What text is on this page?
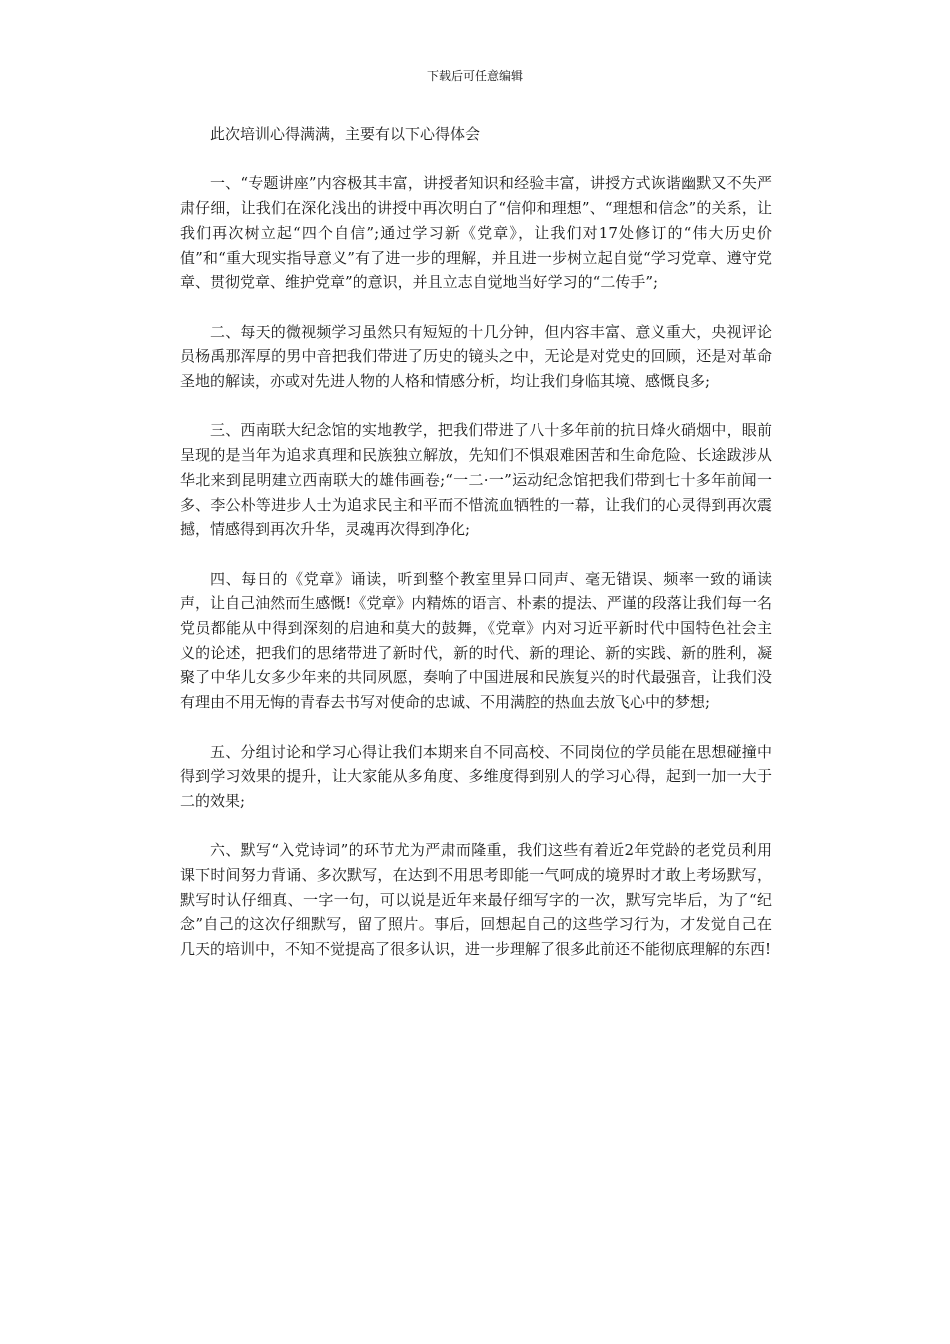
下载后可任意编辑

此次培训心得满满，主要有以下心得体会

一、“专题讲座”内容极其丰富，讲授者知识和经验丰富，讲授方式诙谐幽默又不失严肃仔细，让我们在深化浅出的讲授中再次明白了“信仰和理想”、“理想和信念”的关系，让我们再次树立起“四个自信”;通过学习新《党章》，让我们对17处修订的“伟大历史价值”和“重大现实指导意义”有了进一步的理解，并且进一步树立起自觉“学习党章、遵守党章、贯彻党章、维护党章”的意识，并且立志自觉地当好学习的“二传手”;

二、每天的微视频学习虽然只有短短的十几分钟，但内容丰富、意义重大，央视评论员杨禹那浑厚的男中音把我们带进了历史的镜头之中，无论是对党史的回顾，还是对革命圣地的解读，亦或对先进人物的人格和情感分析，均让我们身临其境、感慨良多;

三、西南联大纪念馆的实地教学，把我们带进了八十多年前的抗日烽火硝烟中，眼前呈现的是当年为追求真理和民族独立解放，先知们不惧艰难困苦和生命危险、长途跋涉从华北来到昆明建立西南联大的雄伟画卷;“一二·一”运动纪念馆把我们带到七十多年前闻一多、李公朴等进步人士为追求民主和平而不惜流血牺牲的一幕，让我们的心灵得到再次震撼，情感得到再次升华，灵魂再次得到净化;

四、每日的《党章》诵读，听到整个教室里异口同声、毫无错误、频率一致的诵读声，让自己油然而生感慨!《党章》内精炼的语言、朴素的提法、严谨的段落让我们每一名党员都能从中得到深刻的启迪和莫大的鼓舞，《党章》内对习近平新时代中国特色社会主义的论述，把我们的思绪带进了新时代，新的时代、新的理论、新的实践、新的胜利，凝聚了中华儿女多少年来的共同夙愿，奏响了中国进展和民族复兴的时代最强音，让我们没有理由不用无悔的青春去书写对使命的忠诚、不用满腔的热血去放飞心中的梦想;

五、分组讨论和学习心得让我们本期来自不同高校、不同岗位的学员能在思想碰撞中得到学习效果的提升，让大家能从多角度、多维度得到别人的学习心得，起到一加一大于二的效果;

六、默写“入党诗词”的环节尤为严肃而隆重，我们这些有着近2年党龄的老党员利用课下时间努力背诵、多次默写，在达到不用思考即能一气呵成的境界时才敢上考场默写，默写时认仔细真、一字一句，可以说是近年来最仔细写字的一次，默写完毕后，为了“纪念”自己的这次仔细默写，留了照片。事后，回想起自己的这些学习行为，才发觉自己在几天的培训中，不知不觉提高了很多认识，进一步理解了很多此前还不能彻底理解的东西!
